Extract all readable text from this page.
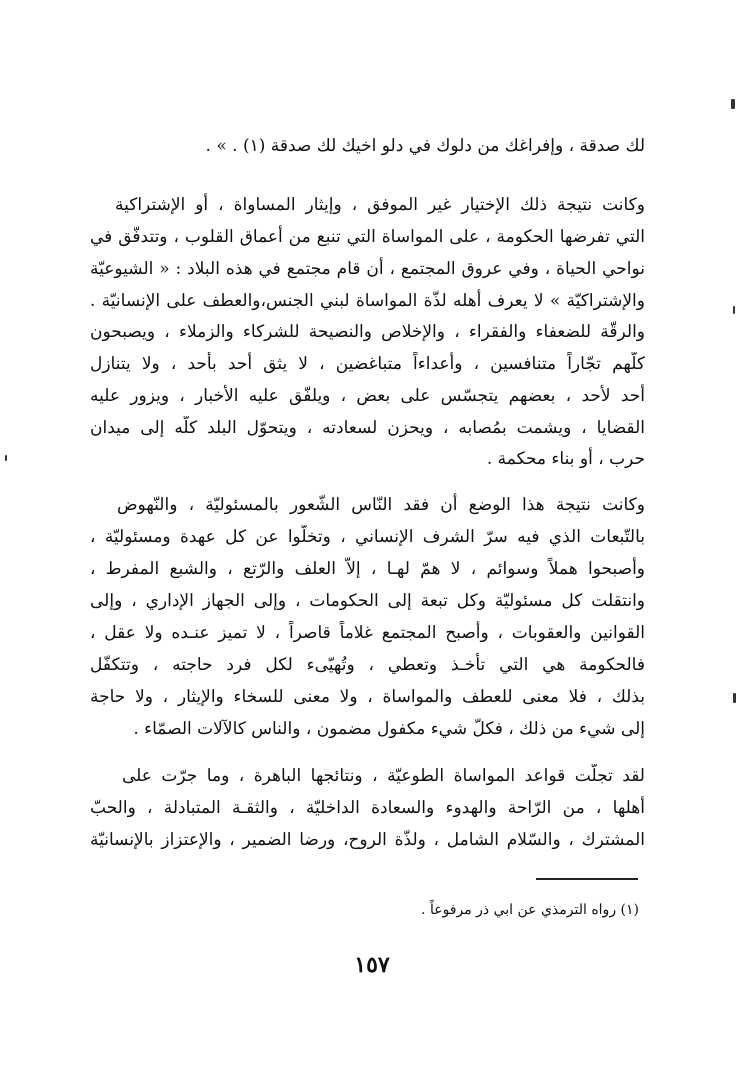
لك صدقة ، وإفراغك من دلوك في دلو اخيك لك صدقة (١) . » .
وكانت نتيجة ذلك الإختيار غير الموفق ، وإيثار المساواة ، أو الإشتراكية
التي تفرضها الحكومة ، على المواساة التي تنبع من أعماق القلوب ، وتتدفّق في
نواحي الحياة ، وفي عروق المجتمع ، أن قام مجتمع في هذه البلاد : « الشيوعيّة
والإشتراكيّة » لا يعرف أهله لذّة المواساة لبني الجنس،والعطف على الإنسانيّة .
والرقّة للضعفاء والفقراء ، والإخلاص والنصيحة للشركاء والزملاء ، ويصبحون
كلّهم تجّاراً متنافسين ، وأعداءاً متباغضين ، لا يثق أحد بأحد ، ولا يتنازل
أحد لأحد ، بعضهم يتجسّس على بعض ، ويلفّق عليه الأخبار ، ويزور عليه
القضايا ، ويشمت بمُصابه ، ويحزن لسعادته ، ويتحوّل البلد كلّه إلى ميدان
حرب ، أو بناء محكمة .
وكانت نتيجة هذا الوضع أن فقد النّاس الشّعور بالمسئوليّة ، والنّهوض
بالتّبعات الذي فيه سرّ الشرف الإنساني ، وتخلّوا عن كل عهدة ومسئوليّة ،
وأصبحوا هملاً وسوائم ، لا همّ لهـا ، إلاّ العلف والرّتع ، والشبع المفرط ،
وانتقلت كل مسئوليّة وكل تبعة إلى الحكومات ، وإلى الجهاز الإداري ، وإلى
القوانين والعقوبات ، وأصبح المجتمع غلاماً قاصراً ، لا تميز عنـده ولا عقل ،
فالحكومة هي التي تأخـذ وتعطي ، وتُهيّىء لكل فرد حاجته ، وتتكفّل
بذلك ، فلا معنى للعطف والمواساة ، ولا معنى للسخاء والإيثار ، ولا حاجة
إلى شيء من ذلك ، فكلّ شيء مكفول مضمون ، والناس كالآلات الصمّاء .
لقد تجلّت قواعد المواساة الطوعيّة ، ونتائجها الباهرة ، وما جرّت على
أهلها ، من الرّاحة والهدوء والسعادة الداخليّة ، والثقـة المتبادلة ، والحبّ
المشترك ، والسّلام الشامل ، ولذّة الروح، ورضا الضمير ، والإعتزاز بالإنسانيّة
(١) رواه الترمذي عن ابي ذر مرفوعاً .
١٥٧
